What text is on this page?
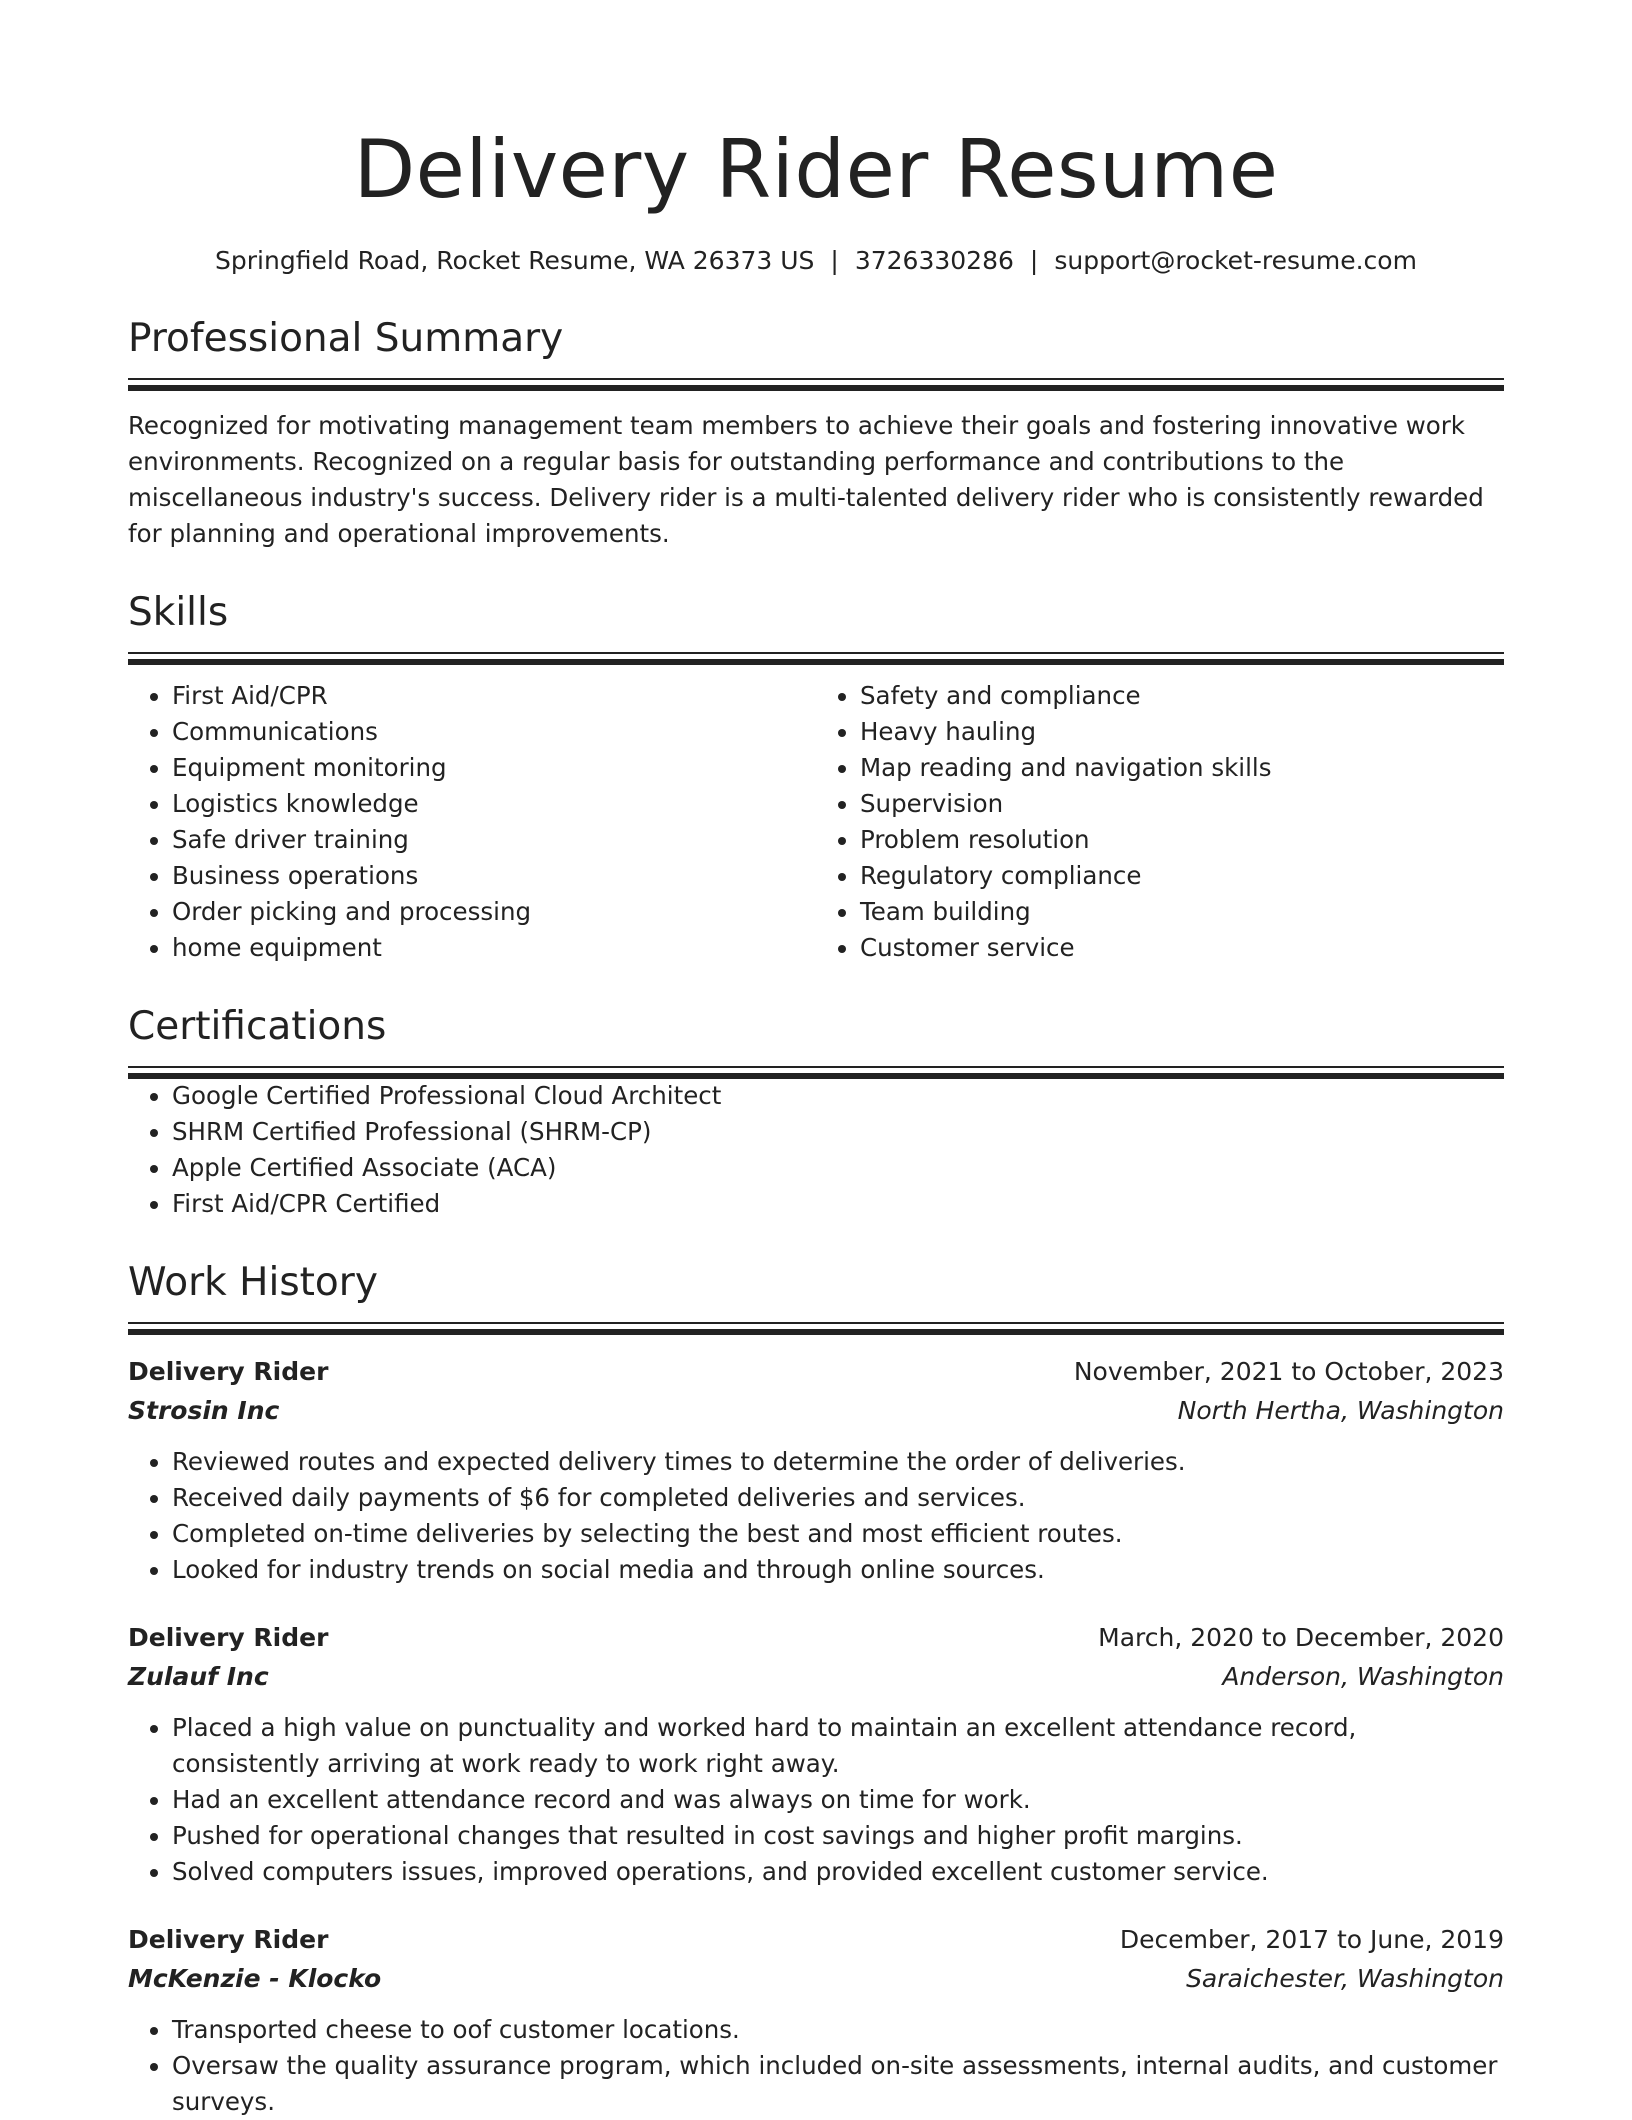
Delivery Rider Resume
Springfield Road, Rocket Resume, WA 26373 US | 3726330286 | support@rocket-resume.com
Professional Summary
Recognized for motivating management team members to achieve their goals and fostering innovative work environments. Recognized on a regular basis for outstanding performance and contributions to the miscellaneous industry's success. Delivery rider is a multi-talented delivery rider who is consistently rewarded for planning and operational improvements.
Skills
• First Aid/CPR
• Communications
• Equipment monitoring
• Logistics knowledge
• Safe driver training
• Business operations
• Order picking and processing
• home equipment
• Safety and compliance
• Heavy hauling
• Map reading and navigation skills
• Supervision
• Problem resolution
• Regulatory compliance
• Team building
• Customer service
Certifications
• Google Certified Professional Cloud Architect
• SHRM Certified Professional (SHRM-CP)
• Apple Certified Associate (ACA)
• First Aid/CPR Certified
Work History
Delivery Rider	November, 2021 to October, 2023
Strosin Inc	North Hertha, Washington
• Reviewed routes and expected delivery times to determine the order of deliveries.
• Received daily payments of $6 for completed deliveries and services.
• Completed on-time deliveries by selecting the best and most efficient routes.
• Looked for industry trends on social media and through online sources.
Delivery Rider	March, 2020 to December, 2020
Zulauf Inc	Anderson, Washington
• Placed a high value on punctuality and worked hard to maintain an excellent attendance record, consistently arriving at work ready to work right away.
• Had an excellent attendance record and was always on time for work.
• Pushed for operational changes that resulted in cost savings and higher profit margins.
• Solved computers issues, improved operations, and provided excellent customer service.
Delivery Rider	December, 2017 to June, 2019
McKenzie - Klocko	Saraichester, Washington
• Transported cheese to oof customer locations.
• Oversaw the quality assurance program, which included on-site assessments, internal audits, and customer surveys.
